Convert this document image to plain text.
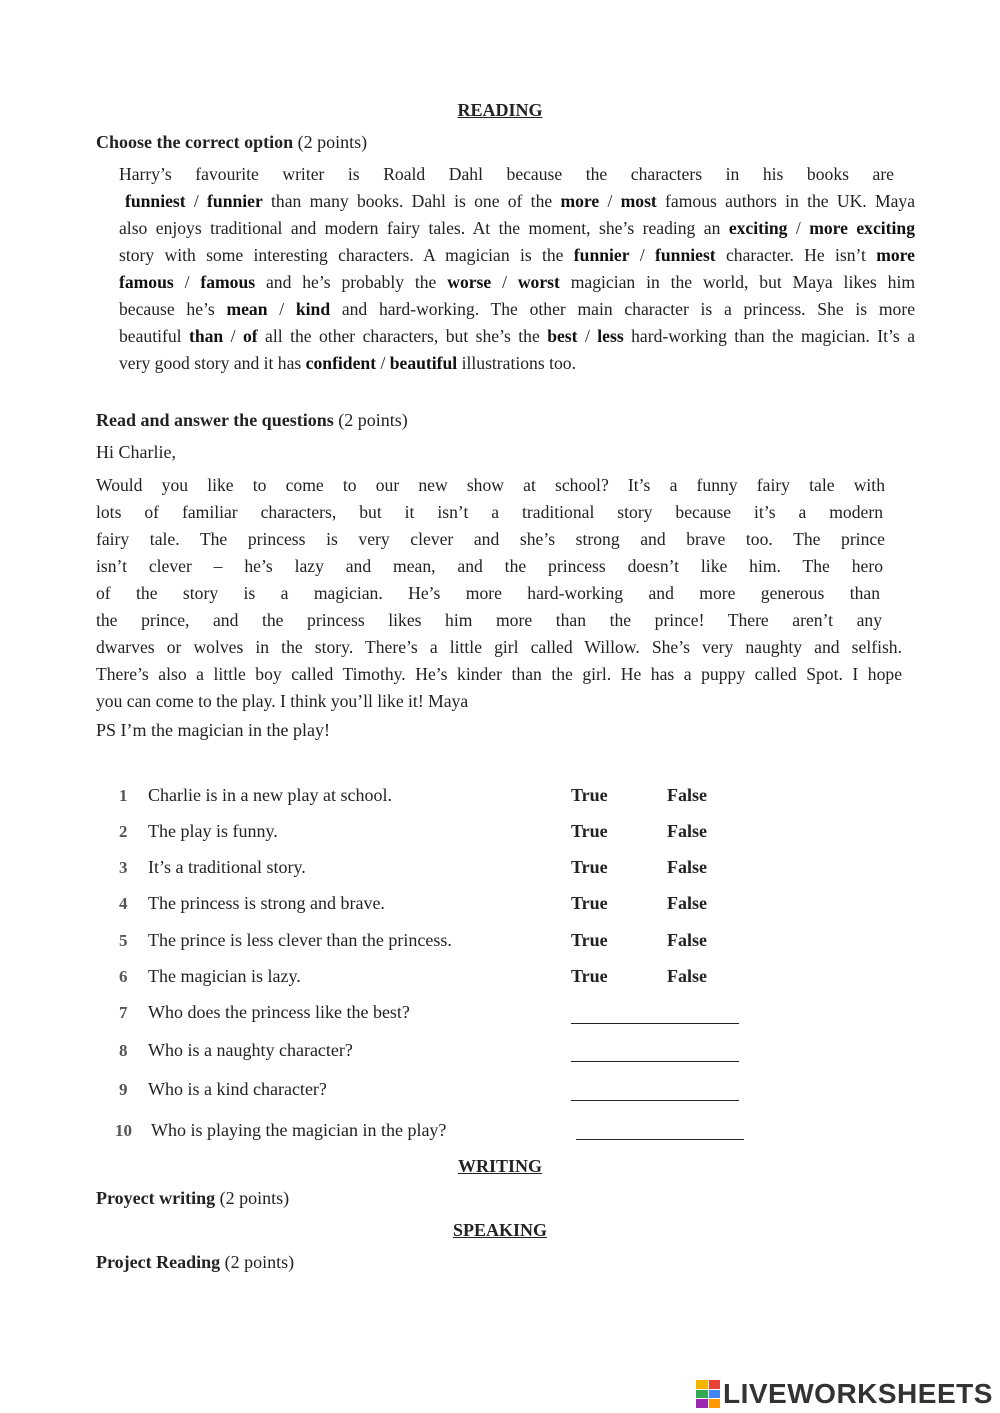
READING
Choose the correct option (2 points)
Harry’s favourite writer is Roald Dahl because the characters in his books are
funniest / funnier than many books. Dahl is one of the more / most famous authors in the UK. Maya
also enjoys traditional and modern fairy tales. At the moment, she’s reading an exciting / more exciting
story with some interesting characters. A magician is the funnier / funniest character. He isn’t more
famous / famous and he’s probably the worse / worst magician in the world, but Maya likes him
because he’s mean / kind and hard-working. The other main character is a princess. She is more
beautiful than / of all the other characters, but she’s the best / less hard-working than the magician. It’s a
very good story and it has confident / beautiful illustrations too.
Read and answer the questions (2 points)
Hi Charlie,
Would you like to come to our new show at school? It’s a funny fairy tale with
lots of familiar characters, but it isn’t a traditional story because it’s a modern
fairy tale. The princess is very clever and she’s strong and brave too. The prince
isn’t clever – he’s lazy and mean, and the princess doesn’t like him. The hero
of the story is a magician. He’s more hard-working and more generous than
the prince, and the princess likes him more than the prince! There aren’t any
dwarves or wolves in the story. There’s a little girl called Willow. She’s very naughty and selfish.
There’s also a little boy called Timothy. He’s kinder than the girl. He has a puppy called Spot. I hope
you can come to the play. I think you’ll like it! Maya
PS I’m the magician in the play!
1 Charlie is in a new play at school.	True	False
2 The play is funny.	True	False
3 It’s a traditional story.	True	False
4 The princess is strong and brave.	True	False
5 The prince is less clever than the princess.	True	False
6 The magician is lazy.	True	False
7 Who does the princess like the best?
8 Who is a naughty character?
9 Who is a kind character?
10 Who is playing the magician in the play?
WRITING
Proyect writing (2 points)
SPEAKING
Project Reading (2 points)
LIVEWORKSHEETS
